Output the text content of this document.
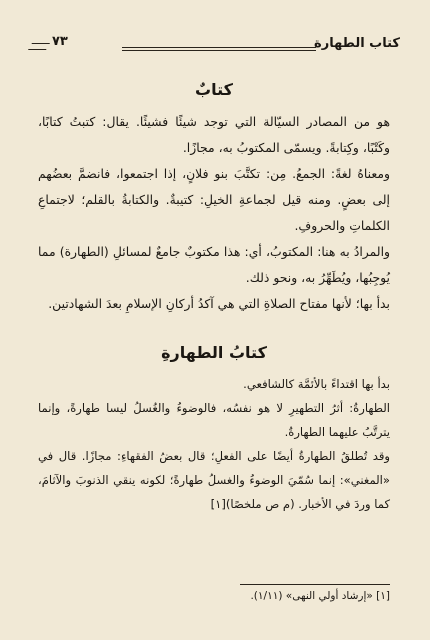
كتاب الطهارة
٧٣
كتابٌ

هو من المصادر السيّالة التي توجد شيئًا فشيئًا. يقال: كتبتُ كتابًا، وكَتْبًا، وكِتابةً. ويسمّى المكتوبُ به، مجازًا.

ومعناهُ لغةً: الجمعُ. مِن: تكتَّبَ بنو فلانٍ، إذا اجتمعوا، فانضمَّ بعضُهم إلى بعضٍ. ومنه قيل لجماعةِ الخيلِ: كتيبةٌ. والكتابةُ بالقلم؛ لاجتماعِ الكلماتِ والحروفِ.

والمرادُ به هنا: المكتوبُ، أي: هذا مكتوبٌ جامعٌ لمسائلِ (الطهارة) مما يُوجِبُها، ويُطَهِّرُ به، ونحو ذلك.

بدأ بها؛ لأنها مفتاح الصلاةِ التي هي آكدُ أركانِ الإسلامِ بعدَ الشهادتين.

كتابُ الطهارةِ

بدأ بها اقتداءً بالأئمَّة كالشافعي.

الطهارةُ: أثرُ التطهيرِ لا هو نفسُه، فالوضوءُ والغُسلُ ليسا طهارةً، وإنما يترتَّبُ عليهما الطهارةُ.

وقد تُطلقُ الطهارةُ أيضًا على الفعلِ؛ قال بعضُ الفقهاءِ: مجازًا. قال في «المغني»: إنما سُمّيَ الوضوءُ والغسلُ طهارةً؛ لكونه ينقي الذنوبَ والآثامَ، كما وردَ في الأخبار. (م ص ملخصًا)[١]

[١] «إرشاد أولي النهى» (١/١١).
